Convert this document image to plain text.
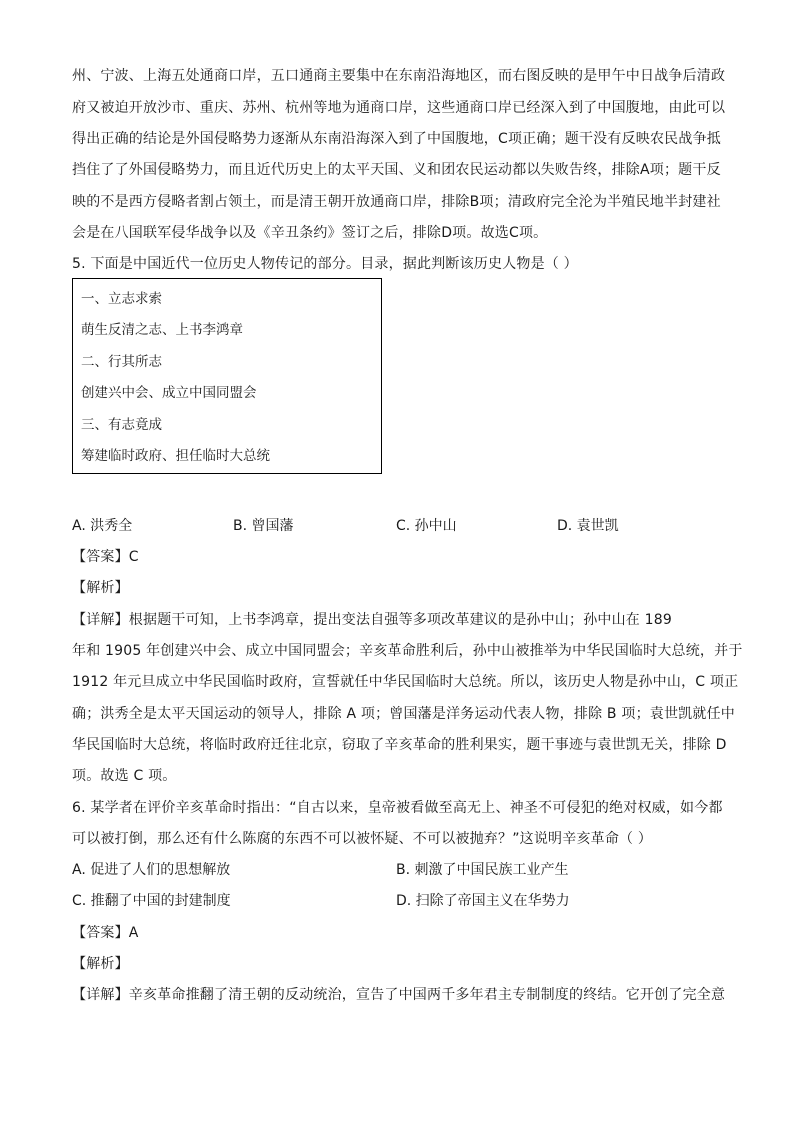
州、宁波、上海五处通商口岸，五口通商主要集中在东南沿海地区，而右图反映的是甲午中日战争后清政
府又被迫开放沙市、重庆、苏州、杭州等地为通商口岸，这些通商口岸已经深入到了中国腹地，由此可以
得出正确的结论是外国侵略势力逐渐从东南沿海深入到了中国腹地，C项正确；题干没有反映农民战争抵
挡住了了外国侵略势力，而且近代历史上的太平天国、义和团农民运动都以失败告终，排除A项；题干反
映的不是西方侵略者割占领土，而是清王朝开放通商口岸，排除B项；清政府完全沦为半殖民地半封建社
会是在八国联军侵华战争以及《辛丑条约》签订之后，排除D项。故选C项。
5. 下面是中国近代一位历史人物传记的部分。目录，据此判断该历史人物是（ ）
一、立志求索
萌生反清之志、上书李鸿章
二、行其所志
创建兴中会、成立中国同盟会
三、有志竟成
筹建临时政府、担任临时大总统
A. 洪秀全	B. 曾国藩	C. 孙中山	D. 袁世凯
【答案】C
【解析】
【详解】根据题干可知，上书李鸿章，提出变法自强等多项改革建议的是孙中山；孙中山在 189
年和 1905 年创建兴中会、成立中国同盟会；辛亥革命胜利后，孙中山被推举为中华民国临时大总统，并于
1912 年元旦成立中华民国临时政府，宣誓就任中华民国临时大总统。所以，该历史人物是孙中山，C 项正
确；洪秀全是太平天国运动的领导人，排除 A 项；曾国藩是洋务运动代表人物，排除 B 项；袁世凯就任中
华民国临时大总统，将临时政府迁往北京，窃取了辛亥革命的胜利果实，题干事迹与袁世凯无关，排除 D
项。故选 C 项。
6. 某学者在评价辛亥革命时指出：“自古以来，皇帝被看做至高无上、神圣不可侵犯的绝对权威，如今都
可以被打倒，那么还有什么陈腐的东西不可以被怀疑、不可以被抛弃？”这说明辛亥革命（ ）
A. 促进了人们的思想解放	B. 刺激了中国民族工业产生
C. 推翻了中国的封建制度	D. 扫除了帝国主义在华势力
【答案】A
【解析】
【详解】辛亥革命推翻了清王朝的反动统治，宣告了中国两千多年君主专制制度的终结。它开创了完全意
